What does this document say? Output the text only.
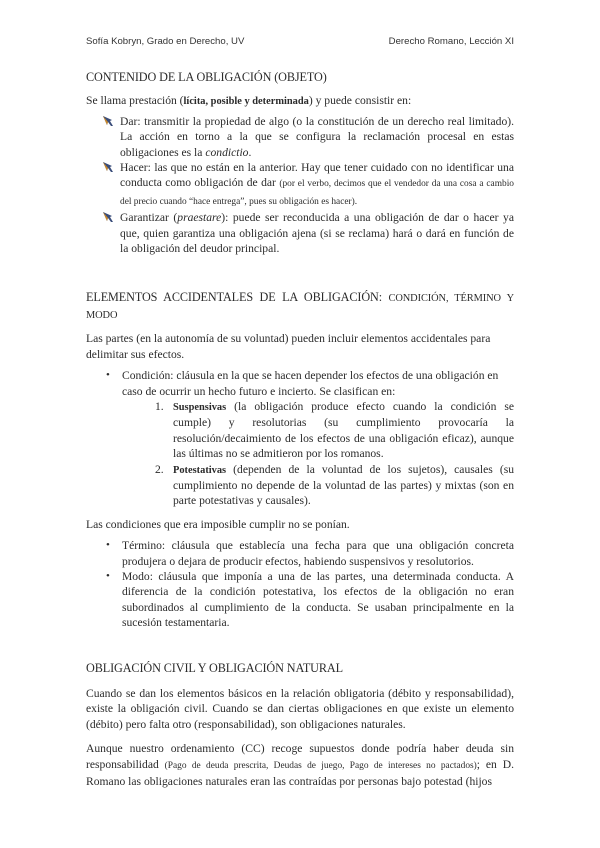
Sofía Kobryn, Grado en Derecho, UV	Derecho Romano, Lección XI

CONTENIDO DE LA OBLIGACIÓN (OBJETO)

Se llama prestación (lícita, posible y determinada) y puede consistir en:

Dar: transmitir la propiedad de algo (o la constitución de un derecho real limitado). La acción en torno a la que se configura la reclamación procesal en estas obligaciones es la condictio.
Hacer: las que no están en la anterior. Hay que tener cuidado con no identificar una conducta como obligación de dar (por el verbo, decimos que el vendedor da una cosa a cambio del precio cuando “hace entrega”, pues su obligación es hacer).
Garantizar (praestare): puede ser reconducida a una obligación de dar o hacer ya que, quien garantiza una obligación ajena (si se reclama) hará o dará en función de la obligación del deudor principal.

ELEMENTOS ACCIDENTALES DE LA OBLIGACIÓN: CONDICIÓN, TÉRMINO Y MODO

Las partes (en la autonomía de su voluntad) pueden incluir elementos accidentales para delimitar sus efectos.

• Condición: cláusula en la que se hacen depender los efectos de una obligación en caso de ocurrir un hecho futuro e incierto. Se clasifican en:
1. Suspensivas (la obligación produce efecto cuando la condición se cumple) y resolutorias (su cumplimiento provocaría la resolución/decaimiento de los efectos de una obligación eficaz), aunque las últimas no se admitieron por los romanos.
2. Potestativas (dependen de la voluntad de los sujetos), causales (su cumplimiento no depende de la voluntad de las partes) y mixtas (son en parte potestativas y causales).

Las condiciones que era imposible cumplir no se ponían.

• Término: cláusula que establecía una fecha para que una obligación concreta produjera o dejara de producir efectos, habiendo suspensivos y resolutorios.
• Modo: cláusula que imponía a una de las partes, una determinada conducta. A diferencia de la condición potestativa, los efectos de la obligación no eran subordinados al cumplimiento de la conducta. Se usaban principalmente en la sucesión testamentaria.

OBLIGACIÓN CIVIL Y OBLIGACIÓN NATURAL

Cuando se dan los elementos básicos en la relación obligatoria (débito y responsabilidad), existe la obligación civil. Cuando se dan ciertas obligaciones en que existe un elemento (débito) pero falta otro (responsabilidad), son obligaciones naturales.

Aunque nuestro ordenamiento (CC) recoge supuestos donde podría haber deuda sin responsabilidad (Pago de deuda prescrita, Deudas de juego, Pago de intereses no pactados); en D. Romano las obligaciones naturales eran las contraídas por personas bajo potestad (hijos
